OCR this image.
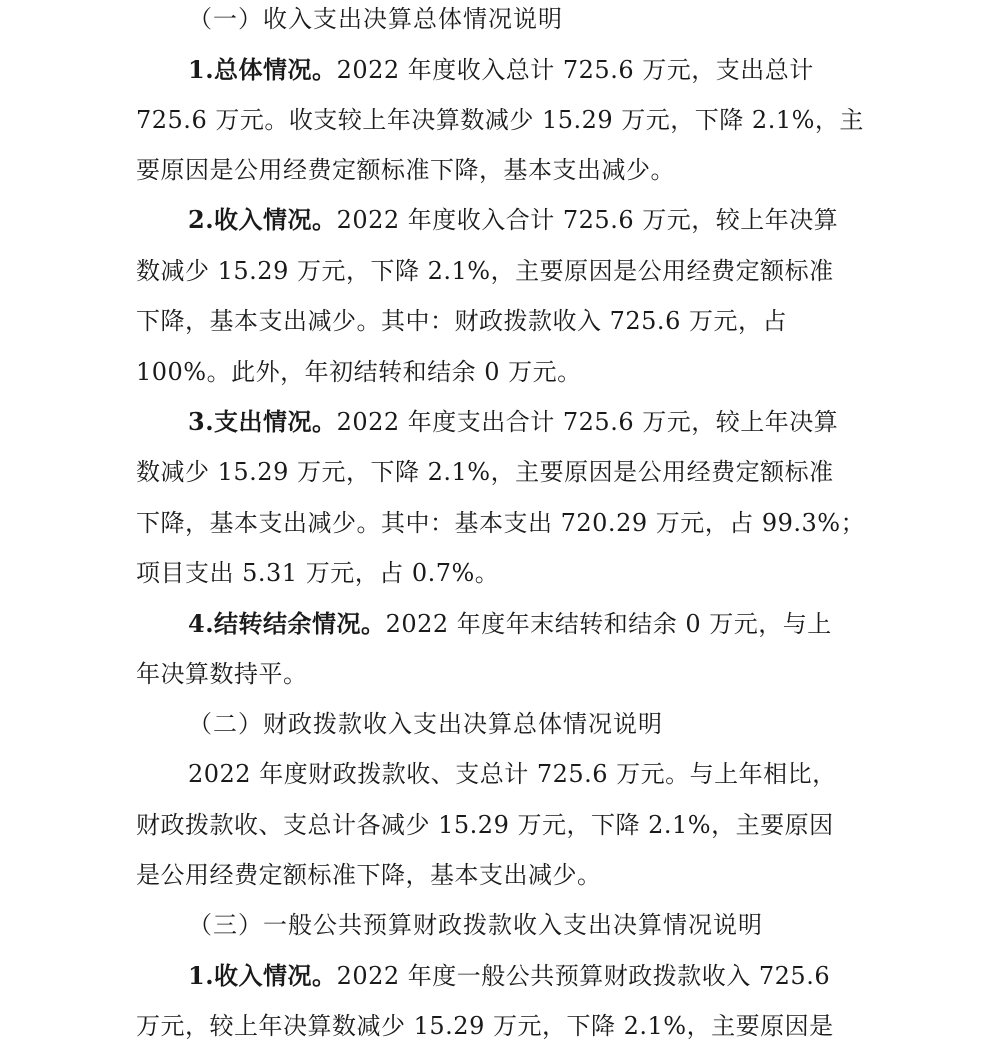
（一）收入支出决算总体情况说明
1.总体情况。2022 年度收入总计 725.6 万元，支出总计
725.6 万元。收支较上年决算数减少 15.29 万元，下降 2.1%，主
要原因是公用经费定额标准下降，基本支出减少。
2.收入情况。2022 年度收入合计 725.6 万元，较上年决算
数减少 15.29 万元，下降 2.1%，主要原因是公用经费定额标准
下降，基本支出减少。其中：财政拨款收入 725.6 万元，占
100%。此外，年初结转和结余 0 万元。
3.支出情况。2022 年度支出合计 725.6 万元，较上年决算
数减少 15.29 万元，下降 2.1%，主要原因是公用经费定额标准
下降，基本支出减少。其中：基本支出 720.29 万元，占 99.3%；
项目支出 5.31 万元，占 0.7%。
4.结转结余情况。2022 年度年末结转和结余 0 万元，与上
年决算数持平。
（二）财政拨款收入支出决算总体情况说明
2022 年度财政拨款收、支总计 725.6 万元。与上年相比，
财政拨款收、支总计各减少 15.29 万元，下降 2.1%，主要原因
是公用经费定额标准下降，基本支出减少。
（三）一般公共预算财政拨款收入支出决算情况说明
1.收入情况。2022 年度一般公共预算财政拨款收入 725.6
万元，较上年决算数减少 15.29 万元，下降 2.1%，主要原因是
